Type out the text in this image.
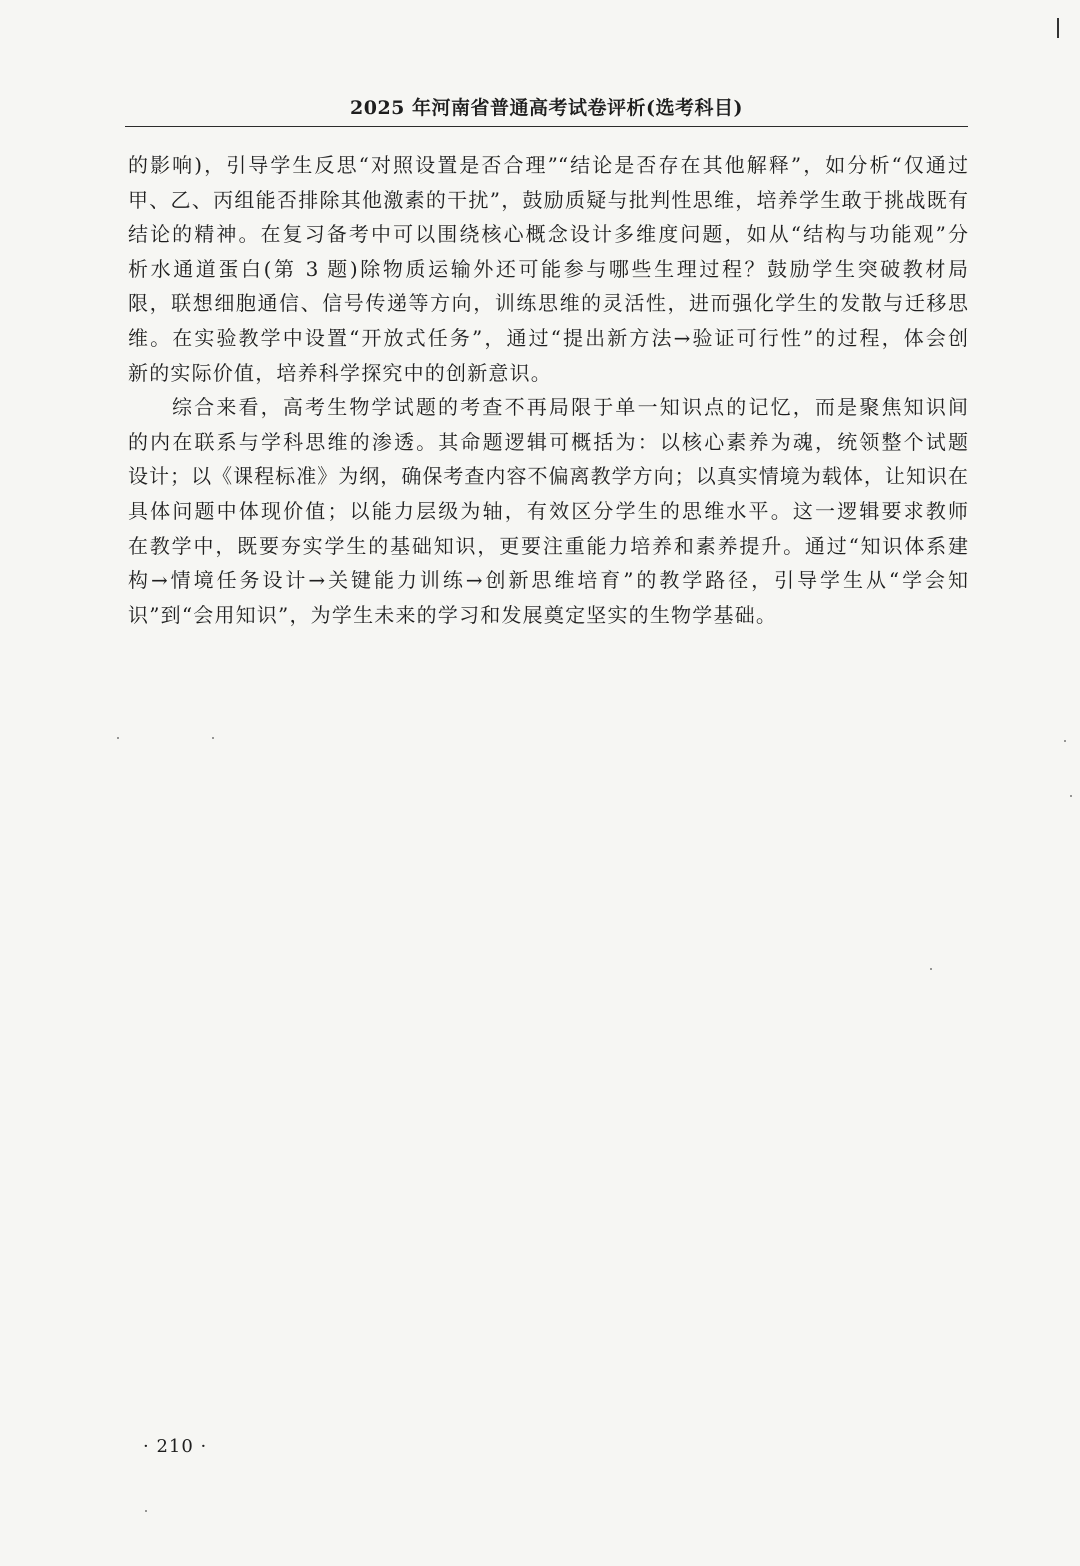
2025 年河南省普通高考试卷评析(选考科目)
的影响)，引导学生反思“对照设置是否合理”“结论是否存在其他解释”，如分析“仅通过
甲、乙、丙组能否排除其他激素的干扰”，鼓励质疑与批判性思维，培养学生敢于挑战既有
结论的精神。在复习备考中可以围绕核心概念设计多维度问题，如从“结构与功能观”分
析水通道蛋白(第 3 题)除物质运输外还可能参与哪些生理过程？鼓励学生突破教材局
限，联想细胞通信、信号传递等方向，训练思维的灵活性，进而强化学生的发散与迁移思
维。在实验教学中设置“开放式任务”，通过“提出新方法→验证可行性”的过程，体会创
新的实际价值，培养科学探究中的创新意识。
综合来看，高考生物学试题的考查不再局限于单一知识点的记忆，而是聚焦知识间
的内在联系与学科思维的渗透。其命题逻辑可概括为：以核心素养为魂，统领整个试题
设计；以《课程标准》为纲，确保考查内容不偏离教学方向；以真实情境为载体，让知识在
具体问题中体现价值；以能力层级为轴，有效区分学生的思维水平。这一逻辑要求教师
在教学中，既要夯实学生的基础知识，更要注重能力培养和素养提升。通过“知识体系建
构→情境任务设计→关键能力训练→创新思维培育”的教学路径，引导学生从“学会知
识”到“会用知识”，为学生未来的学习和发展奠定坚实的生物学基础。
· 210 ·
